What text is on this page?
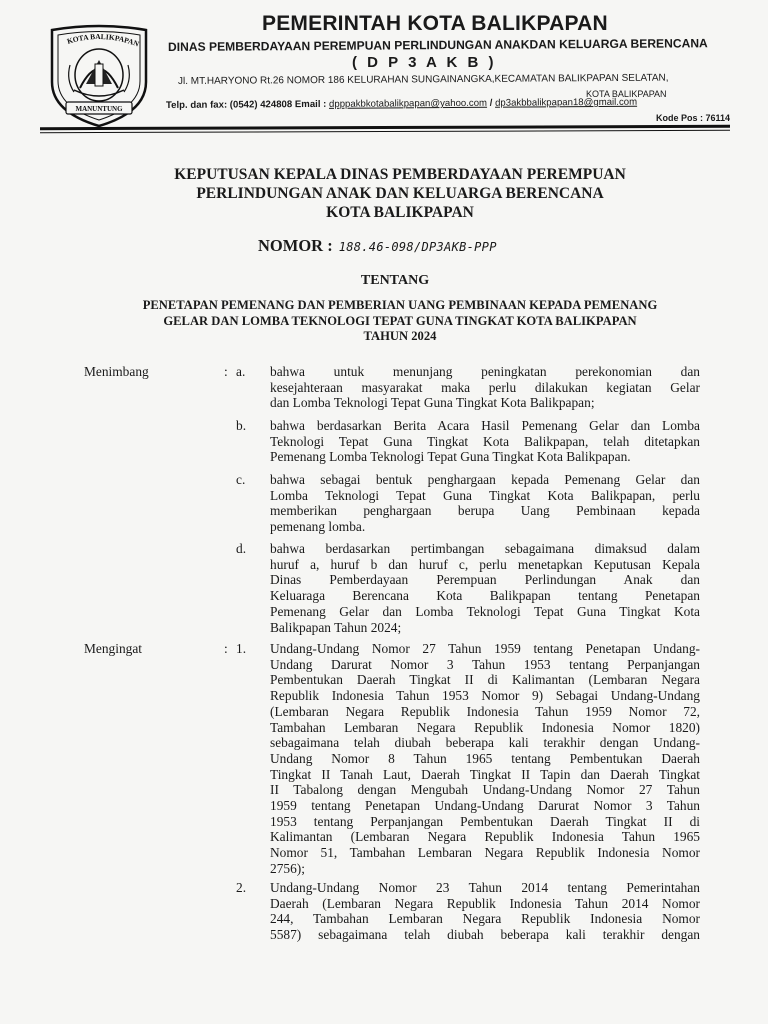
KOTA BALIKPAPAN
MANUNTUNG
PEMERINTAH KOTA BALIKPAPAN
DINAS PEMBERDAYAAN PEREMPUAN PERLINDUNGAN ANAKDAN KELUARGA BERENCANA
( D P 3 A K B )
Jl. MT.HARYONO Rt.26 NOMOR 186 KELURAHAN SUNGAINANGKA,KECAMATAN BALIKPAPAN SELATAN,
KOTA BALIKPAPAN
Telp. dan fax: (0542) 424808 Email : dpppakbkotabalikpapan@yahoo.com / dp3akbbalikpapan18@gmail.com
Kode Pos : 76114
KEPUTUSAN KEPALA DINAS PEMBERDAYAAN PEREMPUAN
PERLINDUNGAN ANAK DAN KELUARGA BERENCANA
KOTA BALIKPAPAN
NOMOR : 188.46-098/DP3AKB-PPP
TENTANG
PENETAPAN PEMENANG DAN PEMBERIAN UANG PEMBINAAN KEPADA PEMENANG
GELAR DAN LOMBA TEKNOLOGI TEPAT GUNA TINGKAT KOTA BALIKPAPAN
TAHUN 2024
Menimbang	: a. bahwa untuk menunjang peningkatan perekonomian dan
kesejahteraan masyarakat maka perlu dilakukan kegiatan Gelar
dan Lomba Teknologi Tepat Guna Tingkat Kota Balikpapan;
b. bahwa berdasarkan Berita Acara Hasil Pemenang Gelar dan Lomba
Teknologi Tepat Guna Tingkat Kota Balikpapan, telah ditetapkan
Pemenang Lomba Teknologi Tepat Guna Tingkat Kota Balikpapan.
c. bahwa sebagai bentuk penghargaan kepada Pemenang Gelar dan
Lomba Teknologi Tepat Guna Tingkat Kota Balikpapan, perlu
memberikan penghargaan berupa Uang Pembinaan kepada
pemenang lomba.
d. bahwa berdasarkan pertimbangan sebagaimana dimaksud dalam
huruf a, huruf b dan huruf c, perlu menetapkan Keputusan Kepala
Dinas Pemberdayaan Perempuan Perlindungan Anak dan
Keluaraga Berencana Kota Balikpapan tentang Penetapan
Pemenang Gelar dan Lomba Teknologi Tepat Guna Tingkat Kota
Balikpapan Tahun 2024;
Mengingat	: 1. Undang-Undang Nomor 27 Tahun 1959 tentang Penetapan Undang-
Undang Darurat Nomor 3 Tahun 1953 tentang Perpanjangan
Pembentukan Daerah Tingkat II di Kalimantan (Lembaran Negara
Republik Indonesia Tahun 1953 Nomor 9) Sebagai Undang-Undang
(Lembaran Negara Republik Indonesia Tahun 1959 Nomor 72,
Tambahan Lembaran Negara Republik Indonesia Nomor 1820)
sebagaimana telah diubah beberapa kali terakhir dengan Undang-
Undang Nomor 8 Tahun 1965 tentang Pembentukan Daerah
Tingkat II Tanah Laut, Daerah Tingkat II Tapin dan Daerah Tingkat
II Tabalong dengan Mengubah Undang-Undang Nomor 27 Tahun
1959 tentang Penetapan Undang-Undang Darurat Nomor 3 Tahun
1953 tentang Perpanjangan Pembentukan Daerah Tingkat II di
Kalimantan (Lembaran Negara Republik Indonesia Tahun 1965
Nomor 51, Tambahan Lembaran Negara Republik Indonesia Nomor
2756);
2. Undang-Undang Nomor 23 Tahun 2014 tentang Pemerintahan
Daerah (Lembaran Negara Republik Indonesia Tahun 2014 Nomor
244, Tambahan Lembaran Negara Republik Indonesia Nomor
5587) sebagaimana telah diubah beberapa kali terakhir dengan
